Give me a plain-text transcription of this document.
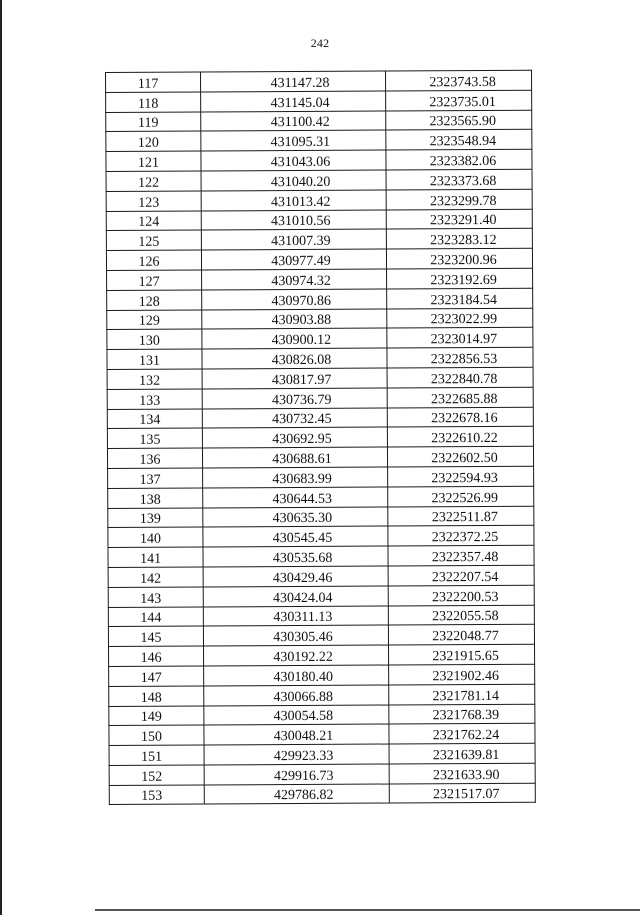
242
117	431147.28	2323743.58
118	431145.04	2323735.01
119	431100.42	2323565.90
120	431095.31	2323548.94
121	431043.06	2323382.06
122	431040.20	2323373.68
123	431013.42	2323299.78
124	431010.56	2323291.40
125	431007.39	2323283.12
126	430977.49	2323200.96
127	430974.32	2323192.69
128	430970.86	2323184.54
129	430903.88	2323022.99
130	430900.12	2323014.97
131	430826.08	2322856.53
132	430817.97	2322840.78
133	430736.79	2322685.88
134	430732.45	2322678.16
135	430692.95	2322610.22
136	430688.61	2322602.50
137	430683.99	2322594.93
138	430644.53	2322526.99
139	430635.30	2322511.87
140	430545.45	2322372.25
141	430535.68	2322357.48
142	430429.46	2322207.54
143	430424.04	2322200.53
144	430311.13	2322055.58
145	430305.46	2322048.77
146	430192.22	2321915.65
147	430180.40	2321902.46
148	430066.88	2321781.14
149	430054.58	2321768.39
150	430048.21	2321762.24
151	429923.33	2321639.81
152	429916.73	2321633.90
153	429786.82	2321517.07
